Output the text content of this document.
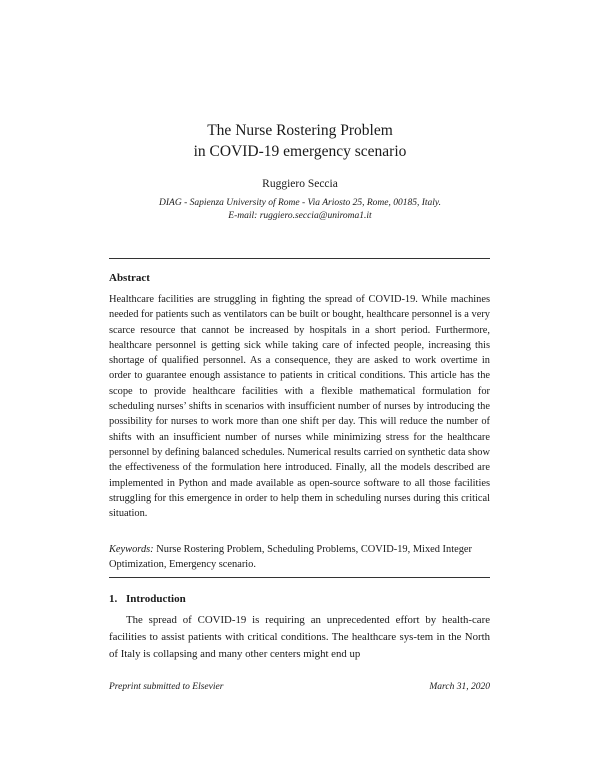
The Nurse Rostering Problem
in COVID-19 emergency scenario
Ruggiero Seccia
DIAG - Sapienza University of Rome - Via Ariosto 25, Rome, 00185, Italy.
E-mail: ruggiero.seccia@uniroma1.it
Abstract
Healthcare facilities are struggling in fighting the spread of COVID-19. While machines needed for patients such as ventilators can be built or bought, healthcare personnel is a very scarce resource that cannot be increased by hospitals in a short period. Furthermore, healthcare personnel is getting sick while taking care of infected people, increasing this shortage of qualified personnel. As a consequence, they are asked to work overtime in order to guarantee enough assistance to patients in critical conditions. This article has the scope to provide healthcare facilities with a flexible mathematical formulation for scheduling nurses’ shifts in scenarios with insufficient number of nurses by introducing the possibility for nurses to work more than one shift per day. This will reduce the number of shifts with an insufficient number of nurses while minimizing stress for the healthcare personnel by defining balanced schedules. Numerical results carried on synthetic data show the effectiveness of the formulation here introduced. Finally, all the models described are implemented in Python and made available as open-source software to all those facilities struggling for this emergence in order to help them in scheduling nurses during this critical situation.
Keywords: Nurse Rostering Problem, Scheduling Problems, COVID-19, Mixed Integer Optimization, Emergency scenario.
1. Introduction
The spread of COVID-19 is requiring an unprecedented effort by health-care facilities to assist patients with critical conditions. The healthcare sys-tem in the North of Italy is collapsing and many other centers might end up
Preprint submitted to Elsevier	March 31, 2020
